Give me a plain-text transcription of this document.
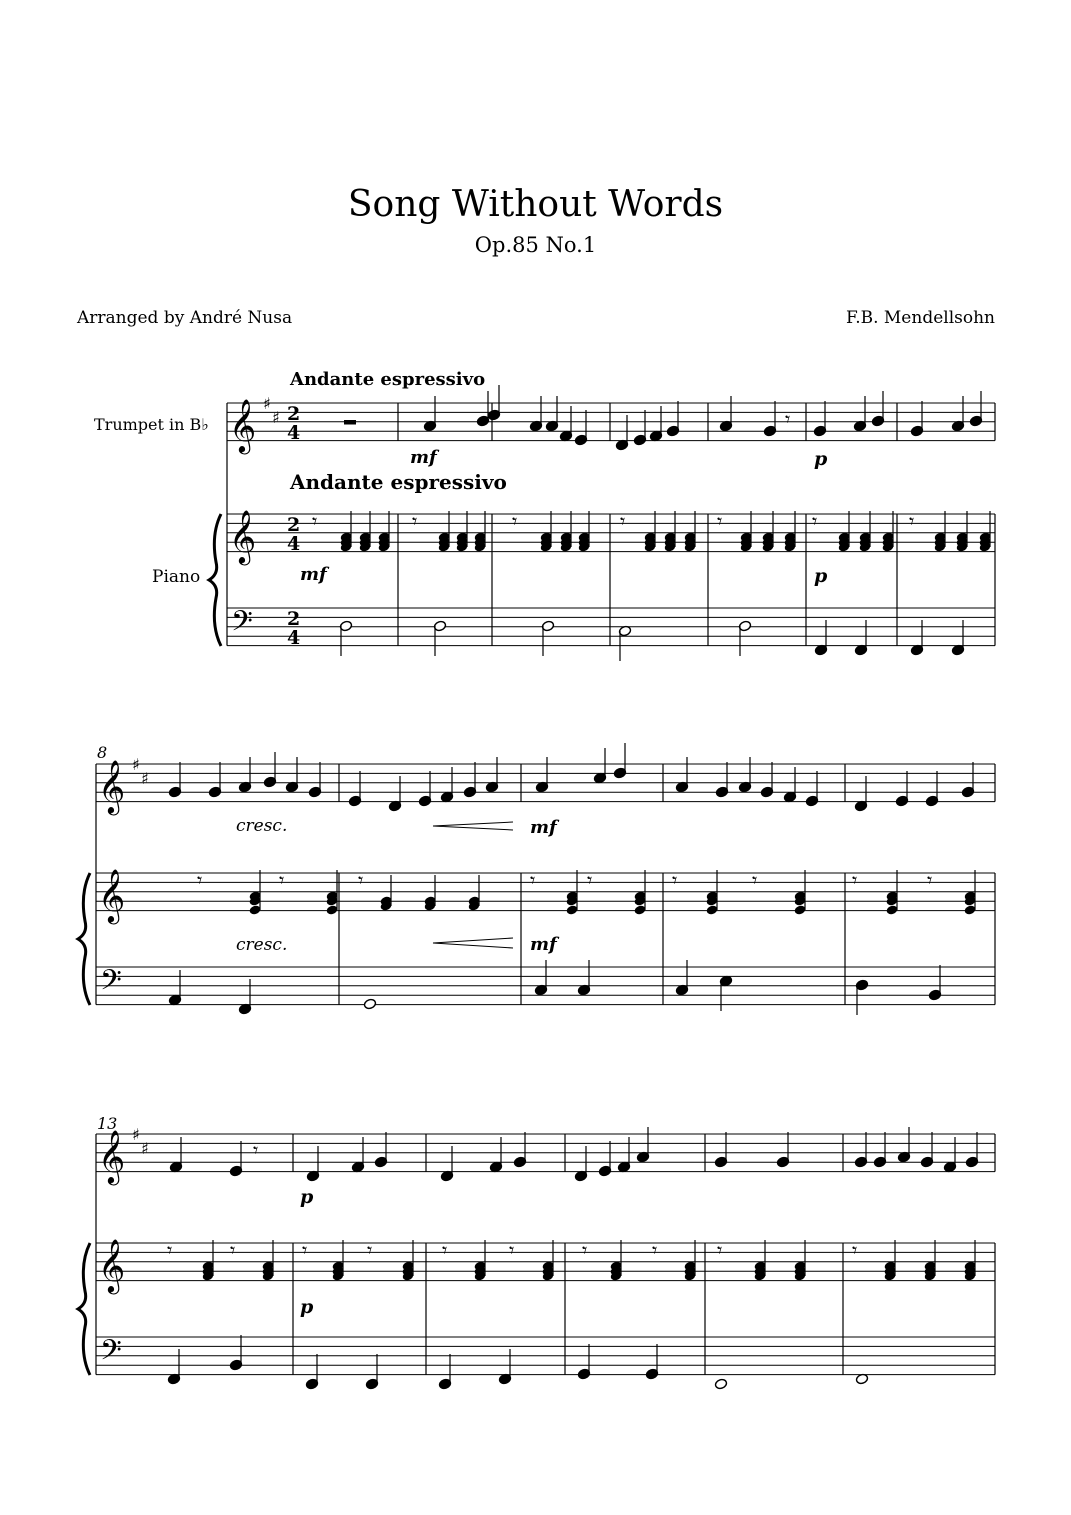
Song Without Words
Op.85 No.1
Arranged by André Nusa	F.B. Mendellsohn
𝄞 ♯
♯ 2
4
𝄞 2
4
𝄢 2
4
𝄾
𝄾	𝄾	𝄾	𝄾	𝄾	𝄾	𝄾
𝄞 ♯
♯
𝄞
𝄢
𝄾	𝄾	𝄾	𝄾	𝄾	𝄾	𝄾	𝄾	𝄾
𝄞 ♯
♯
𝄞
𝄢
𝄾
𝄾	𝄾	𝄾	𝄾	𝄾	𝄾	𝄾	𝄾	𝄾	𝄾
Trumpet in B♭
Piano
Andante espressivo
Andante espressivo
mf	p
mf	p
8
cresc.	mf
cresc.	mf
13
p
p
